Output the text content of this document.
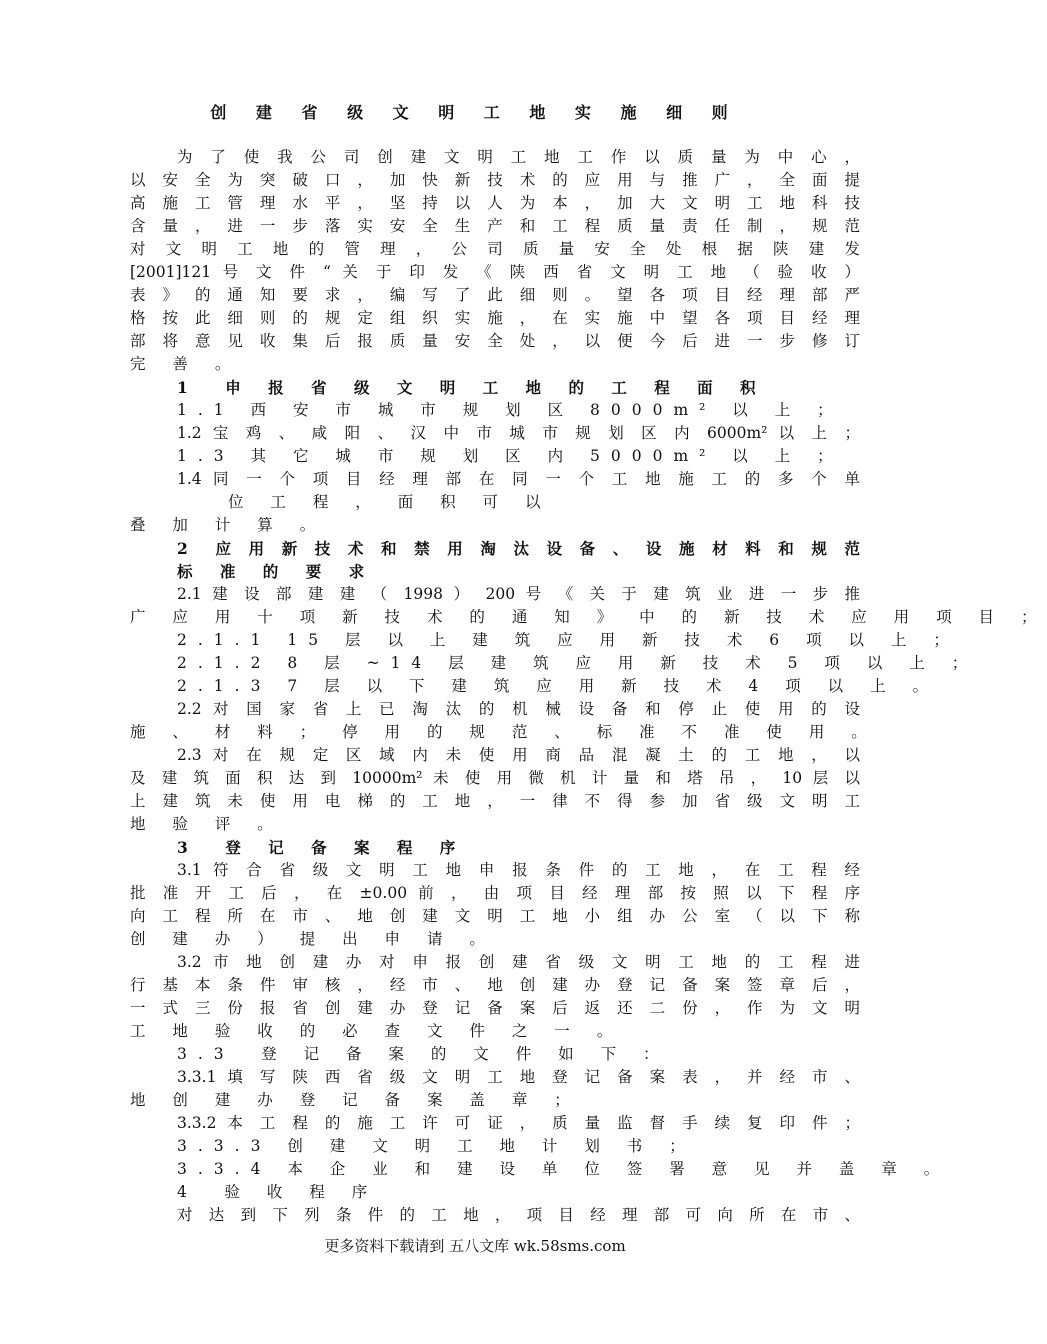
创 建 省 级 文 明 工 地 实 施 细 则
为 了 使 我 公 司 创 建 文 明 工 地 工 作 以 质 量 为 中 心 ，
以 安 全 为 突 破 口 ， 加 快 新 技 术 的 应 用 与 推 广 ， 全 面 提
高 施 工 管 理 水 平 ， 坚 持 以 人 为 本 ， 加 大 文 明 工 地 科 技
含 量 ， 进 一 步 落 实 安 全 生 产 和 工 程 质 量 责 任 制 ， 规 范
对 文 明 工 地 的 管 理 ， 公 司 质 量 安 全 处 根 据 陕 建 发
[2001]121 号 文 件 “ 关 于 印 发 《 陕 西 省 文 明 工 地 （ 验 收 ）
表 》 的 通 知 要 求 ， 编 写 了 此 细 则 。 望 各 项 目 经 理 部 严
格 按 此 细 则 的 规 定 组 织 实 施 ， 在 实 施 中 望 各 项 目 经 理
部 将 意 见 收 集 后 报 质 量 安 全 处 ， 以 便 今 后 进 一 步 修 订
完 善 。
1　申 报 省 级 文 明 工 地 的 工 程 面 积
1.1 西 安 市 城 市 规 划 区 8000m² 以 上 ；
1.2 宝 鸡 、 咸 阳 、 汉 中 市 城 市 规 划 区 内 6000m² 以 上 ；
1.3 其 它 城 市 规 划 区 内 5000m² 以 上 ；
1.4 同 一 个 项 目 经 理 部 在 同 一 个 工 地 施 工 的 多 个 单
位 工 程 ， 面 积 可 以
叠 加 计 算 。
2　应 用 新 技 术 和 禁 用 淘 汰 设 备 、 设 施 材 料 和 规 范
标 准 的 要 求
2.1 建 设 部 建 建 （ 1998 ） 200 号 《 关 于 建 筑 业 进 一 步 推
广 应 用 十 项 新 技 术 的 通 知 》 中 的 新 技 术 应 用 项 目 ；
2.1.1 15 层 以 上 建 筑 应 用 新 技 术 6 项 以 上 ；
2.1.2 8 层 ~14 层 建 筑 应 用 新 技 术 5 项 以 上 ；
2.1.3 7 层 以 下 建 筑 应 用 新 技 术 4 项 以 上 。
2.2 对 国 家 省 上 已 淘 汰 的 机 械 设 备 和 停 止 使 用 的 设
施 、 材 料 ； 停 用 的 规 范 、 标 准 不 准 使 用 。
2.3 对 在 规 定 区 域 内 未 使 用 商 品 混 凝 土 的 工 地 ， 以
及 建 筑 面 积 达 到 10000m² 未 使 用 微 机 计 量 和 塔 吊 ， 10 层 以
上 建 筑 未 使 用 电 梯 的 工 地 ， 一 律 不 得 参 加 省 级 文 明 工
地 验 评 。
3　登 记 备 案 程 序
3.1 符 合 省 级 文 明 工 地 申 报 条 件 的 工 地 ， 在 工 程 经
批 准 开 工 后 ， 在 ±0.00 前 ， 由 项 目 经 理 部 按 照 以 下 程 序
向 工 程 所 在 市 、 地 创 建 文 明 工 地 小 组 办 公 室 （ 以 下 称
创 建 办 ） 提 出 申 请 。
3.2 市 地 创 建 办 对 申 报 创 建 省 级 文 明 工 地 的 工 程 进
行 基 本 条 件 审 核 ， 经 市 、 地 创 建 办 登 记 备 案 签 章 后 ，
一 式 三 份 报 省 创 建 办 登 记 备 案 后 返 还 二 份 ， 作 为 文 明
工 地 验 收 的 必 查 文 件 之 一 。
3.3　登 记 备 案 的 文 件 如 下 ：
3.3.1 填 写 陕 西 省 级 文 明 工 地 登 记 备 案 表 ， 并 经 市 、
地 创 建 办 登 记 备 案 盖 章 ；
3.3.2 本 工 程 的 施 工 许 可 证 ， 质 量 监 督 手 续 复 印 件 ；
3.3.3 创 建 文 明 工 地 计 划 书 ；
3.3.4 本 企 业 和 建 设 单 位 签 署 意 见 并 盖 章 。
4　验 收 程 序
对 达 到 下 列 条 件 的 工 地 ， 项 目 经 理 部 可 向 所 在 市 、
更多资料下载请到 五八文库 wk.58sms.com
